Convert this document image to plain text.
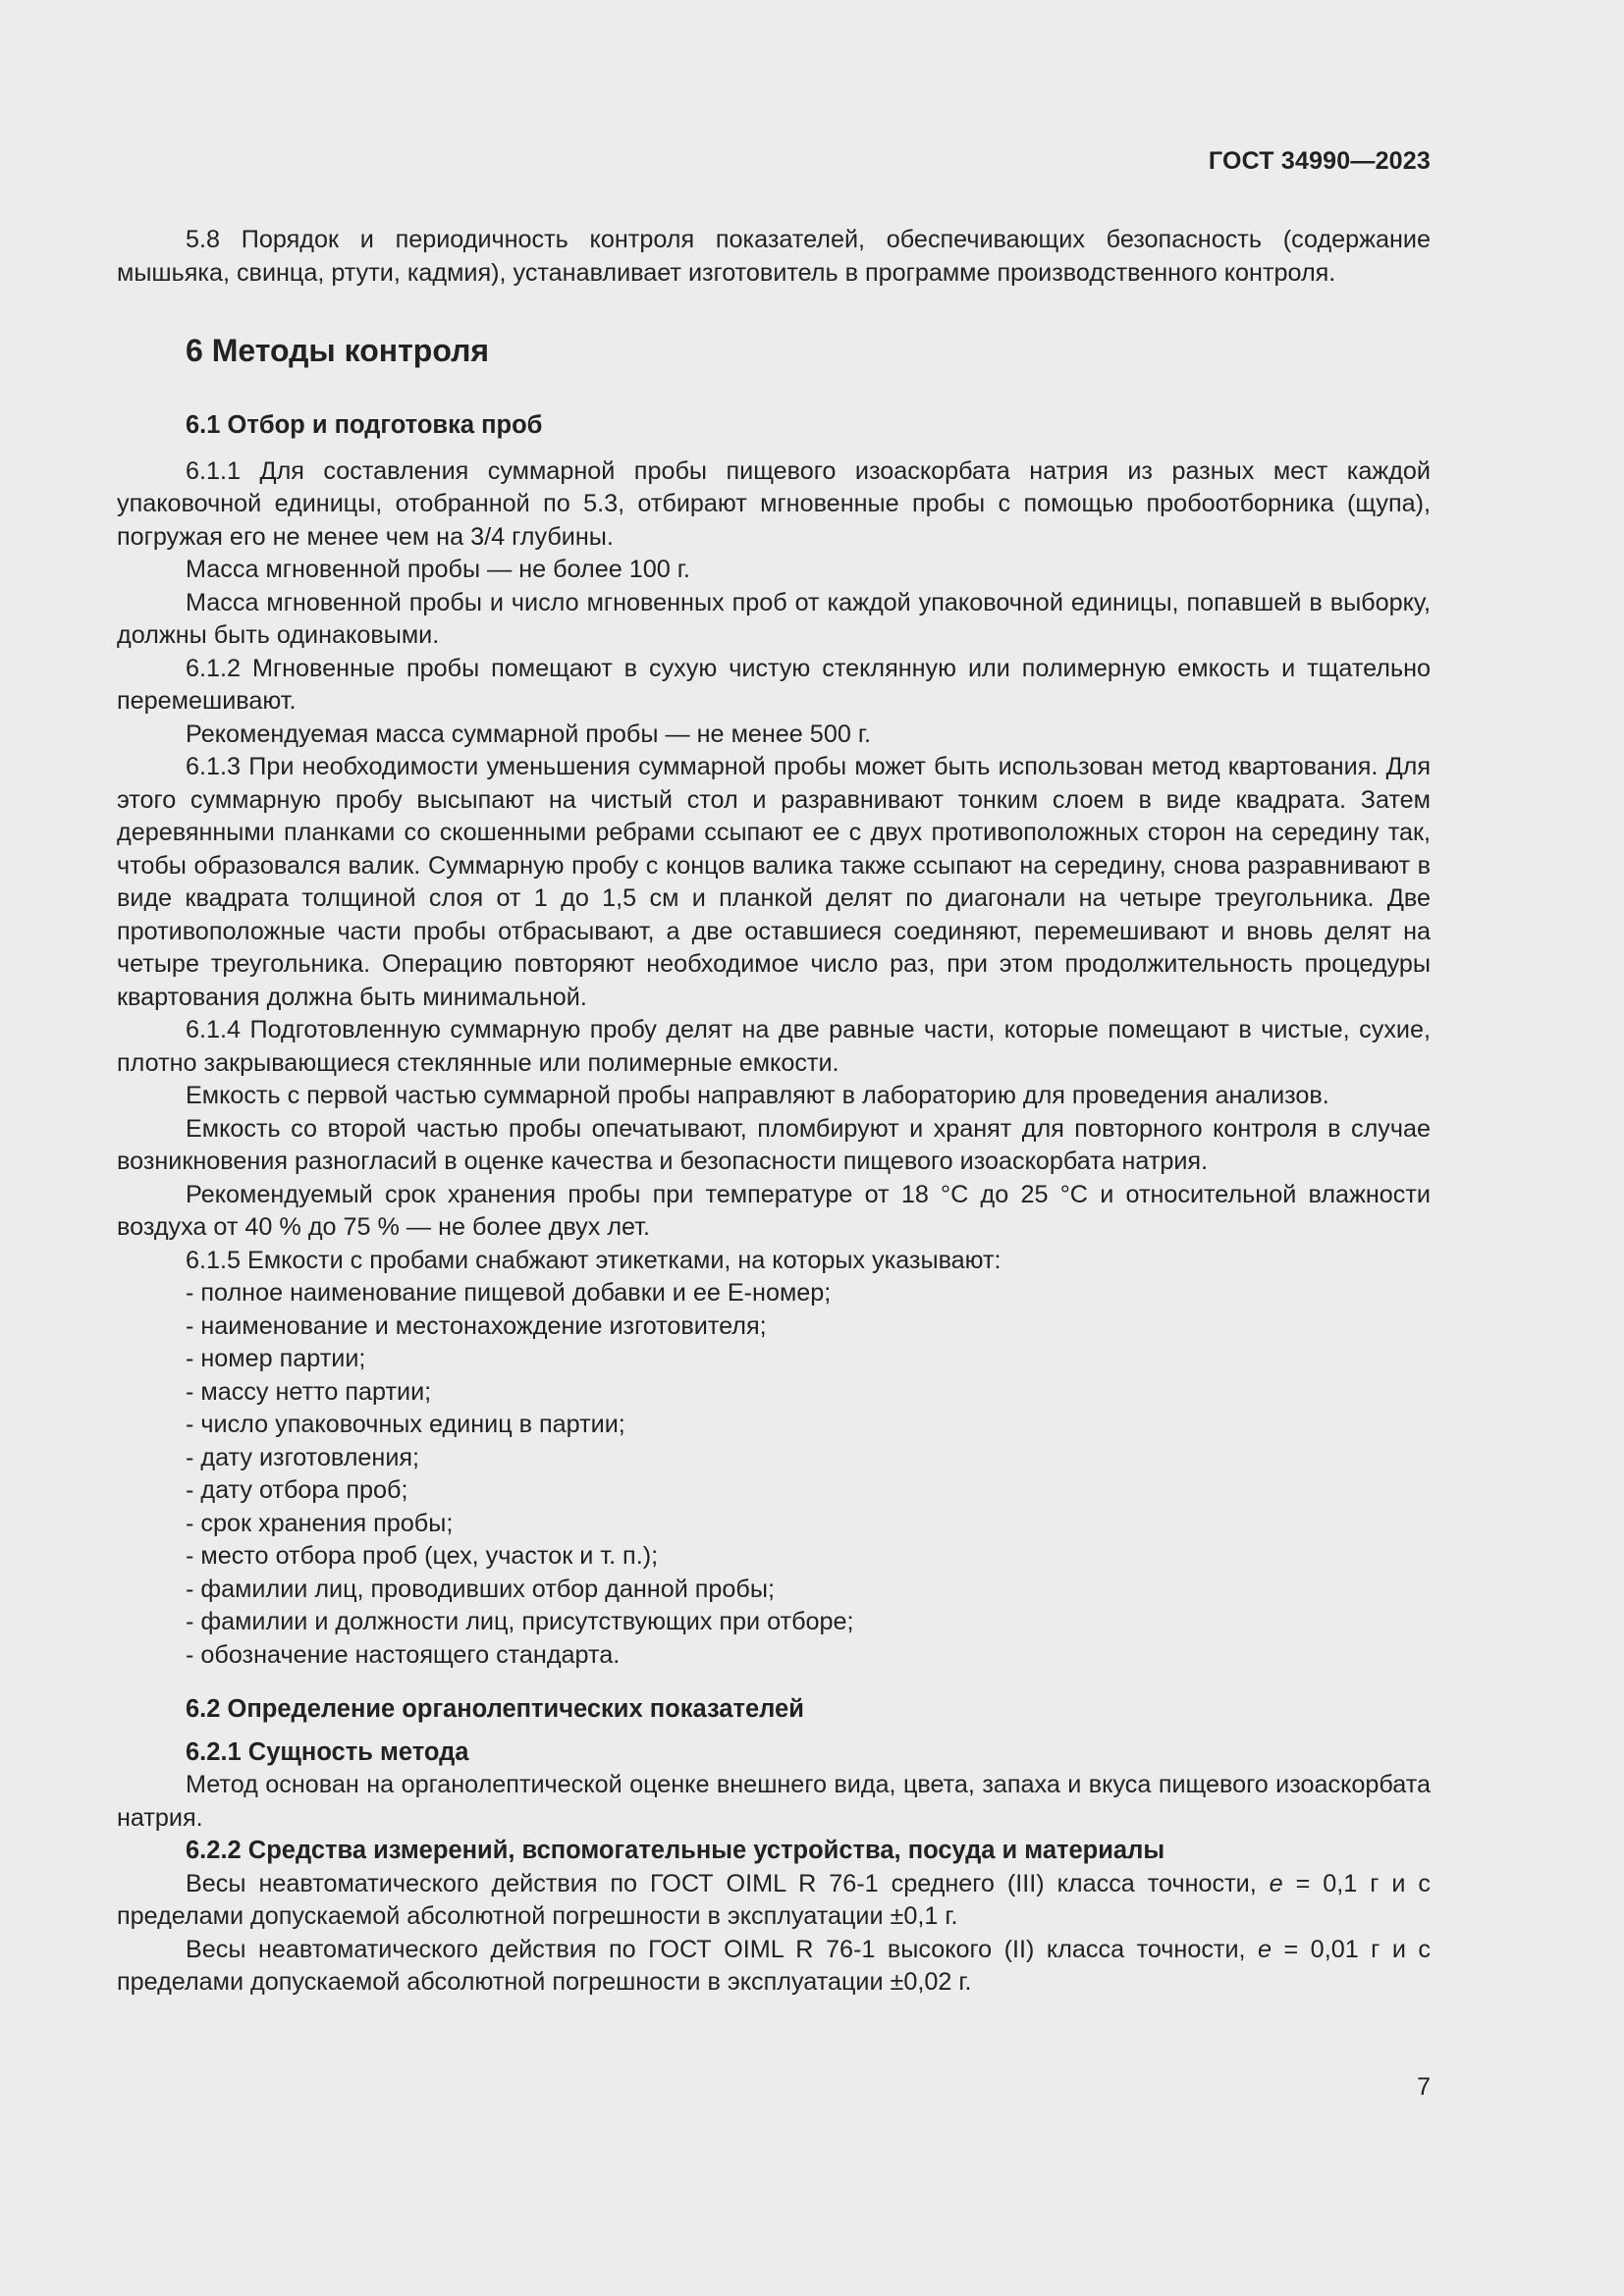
ГОСТ 34990—2023

5.8 Порядок и периодичность контроля показателей, обеспечивающих безопасность (содержание мышьяка, свинца, ртути, кадмия), устанавливает изготовитель в программе производственного контроля.

6 Методы контроля
6.1 Отбор и подготовка проб

6.1.1 Для составления суммарной пробы пищевого изоаскорбата натрия из разных мест каждой упаковочной единицы, отобранной по 5.3, отбирают мгновенные пробы с помощью пробоотборника (щупа), погружая его не менее чем на 3/4 глубины.

Масса мгновенной пробы — не более 100 г.

Масса мгновенной пробы и число мгновенных проб от каждой упаковочной единицы, попавшей в выборку, должны быть одинаковыми.

6.1.2 Мгновенные пробы помещают в сухую чистую стеклянную или полимерную емкость и тщательно перемешивают.

Рекомендуемая масса суммарной пробы — не менее 500 г.

6.1.3 При необходимости уменьшения суммарной пробы может быть использован метод квартования. Для этого суммарную пробу высыпают на чистый стол и разравнивают тонким слоем в виде квадрата. Затем деревянными планками со скошенными ребрами ссыпают ее с двух противоположных сторон на середину так, чтобы образовался валик. Суммарную пробу с концов валика также ссыпают на середину, снова разравнивают в виде квадрата толщиной слоя от 1 до 1,5 см и планкой делят по диагонали на четыре треугольника. Две противоположные части пробы отбрасывают, а две оставшиеся соединяют, перемешивают и вновь делят на четыре треугольника. Операцию повторяют необходимое число раз, при этом продолжительность процедуры квартования должна быть минимальной.

6.1.4 Подготовленную суммарную пробу делят на две равные части, которые помещают в чистые, сухие, плотно закрывающиеся стеклянные или полимерные емкости.

Емкость с первой частью суммарной пробы направляют в лабораторию для проведения анализов.

Емкость со второй частью пробы опечатывают, пломбируют и хранят для повторного контроля в случае возникновения разногласий в оценке качества и безопасности пищевого изоаскорбата натрия.

Рекомендуемый срок хранения пробы при температуре от 18 °C до 25 °C и относительной влажности воздуха от 40 % до 75 % — не более двух лет.

6.1.5 Емкости с пробами снабжают этикетками, на которых указывают:

- полное наименование пищевой добавки и ее Е-номер;
- наименование и местонахождение изготовителя;
- номер партии;
- массу нетто партии;
- число упаковочных единиц в партии;
- дату изготовления;
- дату отбора проб;
- срок хранения пробы;
- место отбора проб (цех, участок и т. п.);
- фамилии лиц, проводивших отбор данной пробы;
- фамилии и должности лиц, присутствующих при отборе;
- обозначение настоящего стандарта.
6.2 Определение органолептических показателей
6.2.1 Сущность метода

Метод основан на органолептической оценке внешнего вида, цвета, запаха и вкуса пищевого изоаскорбата натрия.

6.2.2 Средства измерений, вспомогательные устройства, посуда и материалы

Весы неавтоматического действия по ГОСТ OIML R 76-1 среднего (III) класса точности, e = 0,1 г и с пределами допускаемой абсолютной погрешности в эксплуатации ±0,1 г.

Весы неавтоматического действия по ГОСТ OIML R 76-1 высокого (II) класса точности, e = 0,01 г и с пределами допускаемой абсолютной погрешности в эксплуатации ±0,02 г.

7
